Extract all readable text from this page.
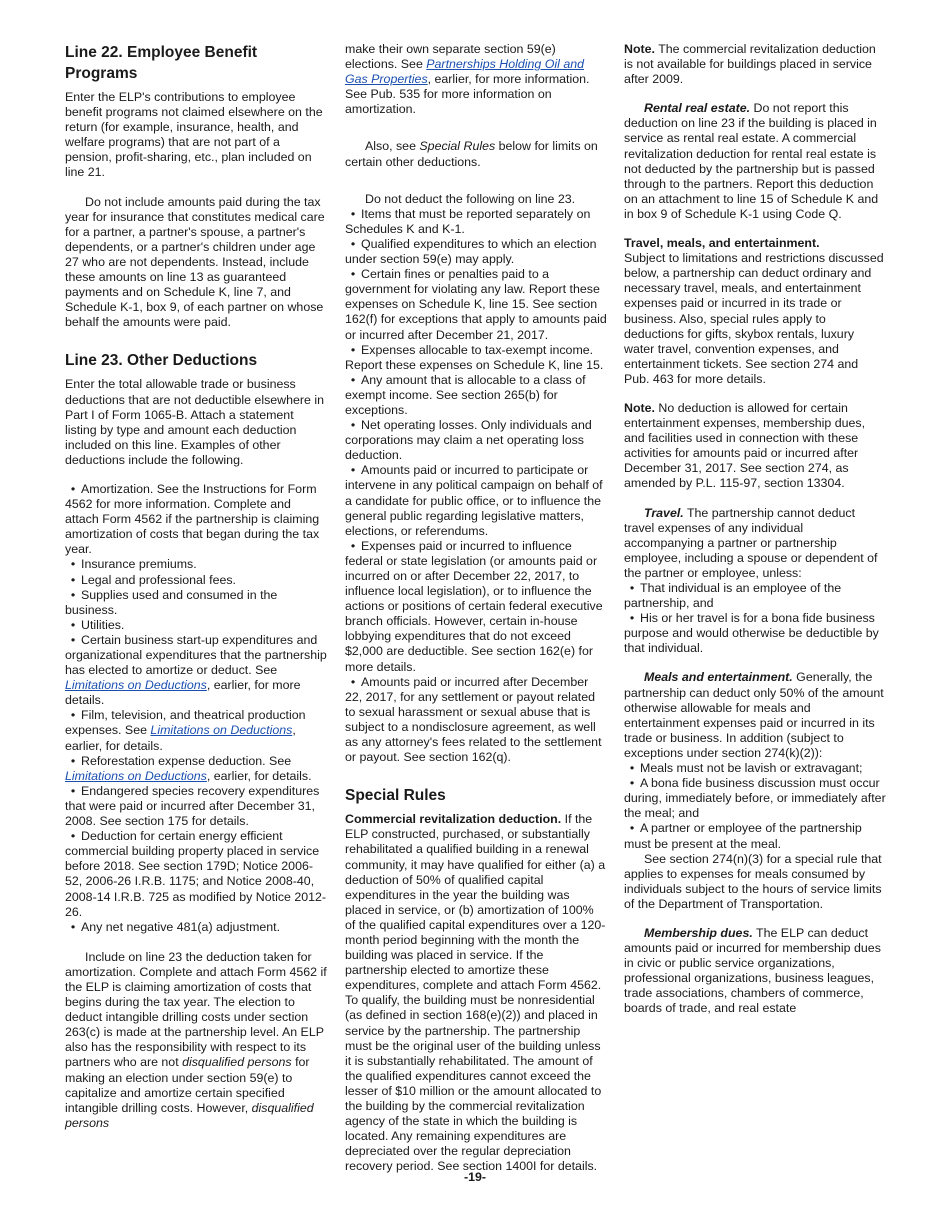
Line 22. Employee Benefit Programs

Enter the ELP's contributions to employee benefit programs not claimed elsewhere on the return (for example, insurance, health, and welfare programs) that are not part of a pension, profit-sharing, etc., plan included on line 21.

Do not include amounts paid during the tax year for insurance that constitutes medical care for a partner, a partner's spouse, a partner's dependents, or a partner's children under age 27 who are not dependents. Instead, include these amounts on line 13 as guaranteed payments and on Schedule K, line 7, and Schedule K-1, box 9, of each partner on whose behalf the amounts were paid.

Line 23. Other Deductions

Enter the total allowable trade or business deductions that are not deductible elsewhere in Part I of Form 1065-B. Attach a statement listing by type and amount each deduction included on this line. Examples of other deductions include the following.

• Amortization. See the Instructions for Form 4562 for more information. Complete and attach Form 4562 if the partnership is claiming amortization of costs that began during the tax year.
• Insurance premiums.
• Legal and professional fees.
• Supplies used and consumed in the business.
• Utilities.
• Certain business start-up expenditures and organizational expenditures that the partnership has elected to amortize or deduct. See Limitations on Deductions, earlier, for more details.
• Film, television, and theatrical production expenses. See Limitations on Deductions, earlier, for details.
• Reforestation expense deduction. See Limitations on Deductions, earlier, for details.
• Endangered species recovery expenditures that were paid or incurred after December 31, 2008. See section 175 for details.
• Deduction for certain energy efficient commercial building property placed in service before 2018. See section 179D; Notice 2006-52, 2006-26 I.R.B. 1175; and Notice 2008-40, 2008-14 I.R.B. 725 as modified by Notice 2012-26.
• Any net negative 481(a) adjustment.

Include on line 23 the deduction taken for amortization. Complete and attach Form 4562 if the ELP is claiming amortization of costs that begins during the tax year. The election to deduct intangible drilling costs under section 263(c) is made at the partnership level. An ELP also has the responsibility with respect to its partners who are not disqualified persons for making an election under section 59(e) to capitalize and amortize certain specified intangible drilling costs. However, disqualified persons

make their own separate section 59(e) elections. See Partnerships Holding Oil and Gas Properties, earlier, for more information. See Pub. 535 for more information on amortization.

Also, see Special Rules below for limits on certain other deductions.

Do not deduct the following on line 23.

• Items that must be reported separately on Schedules K and K-1.
• Qualified expenditures to which an election under section 59(e) may apply.
• Certain fines or penalties paid to a government for violating any law. Report these expenses on Schedule K, line 15. See section 162(f) for exceptions that apply to amounts paid or incurred after December 21, 2017.
• Expenses allocable to tax-exempt income. Report these expenses on Schedule K, line 15.
• Any amount that is allocable to a class of exempt income. See section 265(b) for exceptions.
• Net operating losses. Only individuals and corporations may claim a net operating loss deduction.
• Amounts paid or incurred to participate or intervene in any political campaign on behalf of a candidate for public office, or to influence the general public regarding legislative matters, elections, or referendums.
• Expenses paid or incurred to influence federal or state legislation (or amounts paid or incurred on or after December 22, 2017, to influence local legislation), or to influence the actions or positions of certain federal executive branch officials. However, certain in-house lobbying expenditures that do not exceed $2,000 are deductible. See section 162(e) for more details.
• Amounts paid or incurred after December 22, 2017, for any settlement or payout related to sexual harassment or sexual abuse that is subject to a nondisclosure agreement, as well as any attorney's fees related to the settlement or payout. See section 162(q).
Special Rules

Commercial revitalization deduction. If the ELP constructed, purchased, or substantially rehabilitated a qualified building in a renewal community, it may have qualified for either (a) a deduction of 50% of qualified capital expenditures in the year the building was placed in service, or (b) amortization of 100% of the qualified capital expenditures over a 120-month period beginning with the month the building was placed in service. If the partnership elected to amortize these expenditures, complete and attach Form 4562. To qualify, the building must be nonresidential (as defined in section 168(e)(2)) and placed in service by the partnership. The partnership must be the original user of the building unless it is substantially rehabilitated. The amount of the qualified expenditures cannot exceed the lesser of $10 million or the amount allocated to the building by the commercial revitalization agency of the state in which the building is located. Any remaining expenditures are depreciated over the regular depreciation recovery period. See section 1400I for details.

Note. The commercial revitalization deduction is not available for buildings placed in service after 2009.

Rental real estate. Do not report this deduction on line 23 if the building is placed in service as rental real estate. A commercial revitalization deduction for rental real estate is not deducted by the partnership but is passed through to the partners. Report this deduction on an attachment to line 15 of Schedule K and in box 9 of Schedule K-1 using Code Q.

Travel, meals, and entertainment.

Subject to limitations and restrictions discussed below, a partnership can deduct ordinary and necessary travel, meals, and entertainment expenses paid or incurred in its trade or business. Also, special rules apply to deductions for gifts, skybox rentals, luxury water travel, convention expenses, and entertainment tickets. See section 274 and Pub. 463 for more details.

Note. No deduction is allowed for certain entertainment expenses, membership dues, and facilities used in connection with these activities for amounts paid or incurred after December 31, 2017. See section 274, as amended by P.L. 115-97, section 13304.

Travel. The partnership cannot deduct travel expenses of any individual accompanying a partner or partnership employee, including a spouse or dependent of the partner or employee, unless:

• That individual is an employee of the partnership, and
• His or her travel is for a bona fide business purpose and would otherwise be deductible by that individual.

Meals and entertainment. Generally, the partnership can deduct only 50% of the amount otherwise allowable for meals and entertainment expenses paid or incurred in its trade or business. In addition (subject to exceptions under section 274(k)(2)):

• Meals must not be lavish or extravagant;
• A bona fide business discussion must occur during, immediately before, or immediately after the meal; and
• A partner or employee of the partnership must be present at the meal.

See section 274(n)(3) for a special rule that applies to expenses for meals consumed by individuals subject to the hours of service limits of the Department of Transportation.

Membership dues. The ELP can deduct amounts paid or incurred for membership dues in civic or public service organizations, professional organizations, business leagues, trade associations, chambers of commerce, boards of trade, and real estate

-19-
